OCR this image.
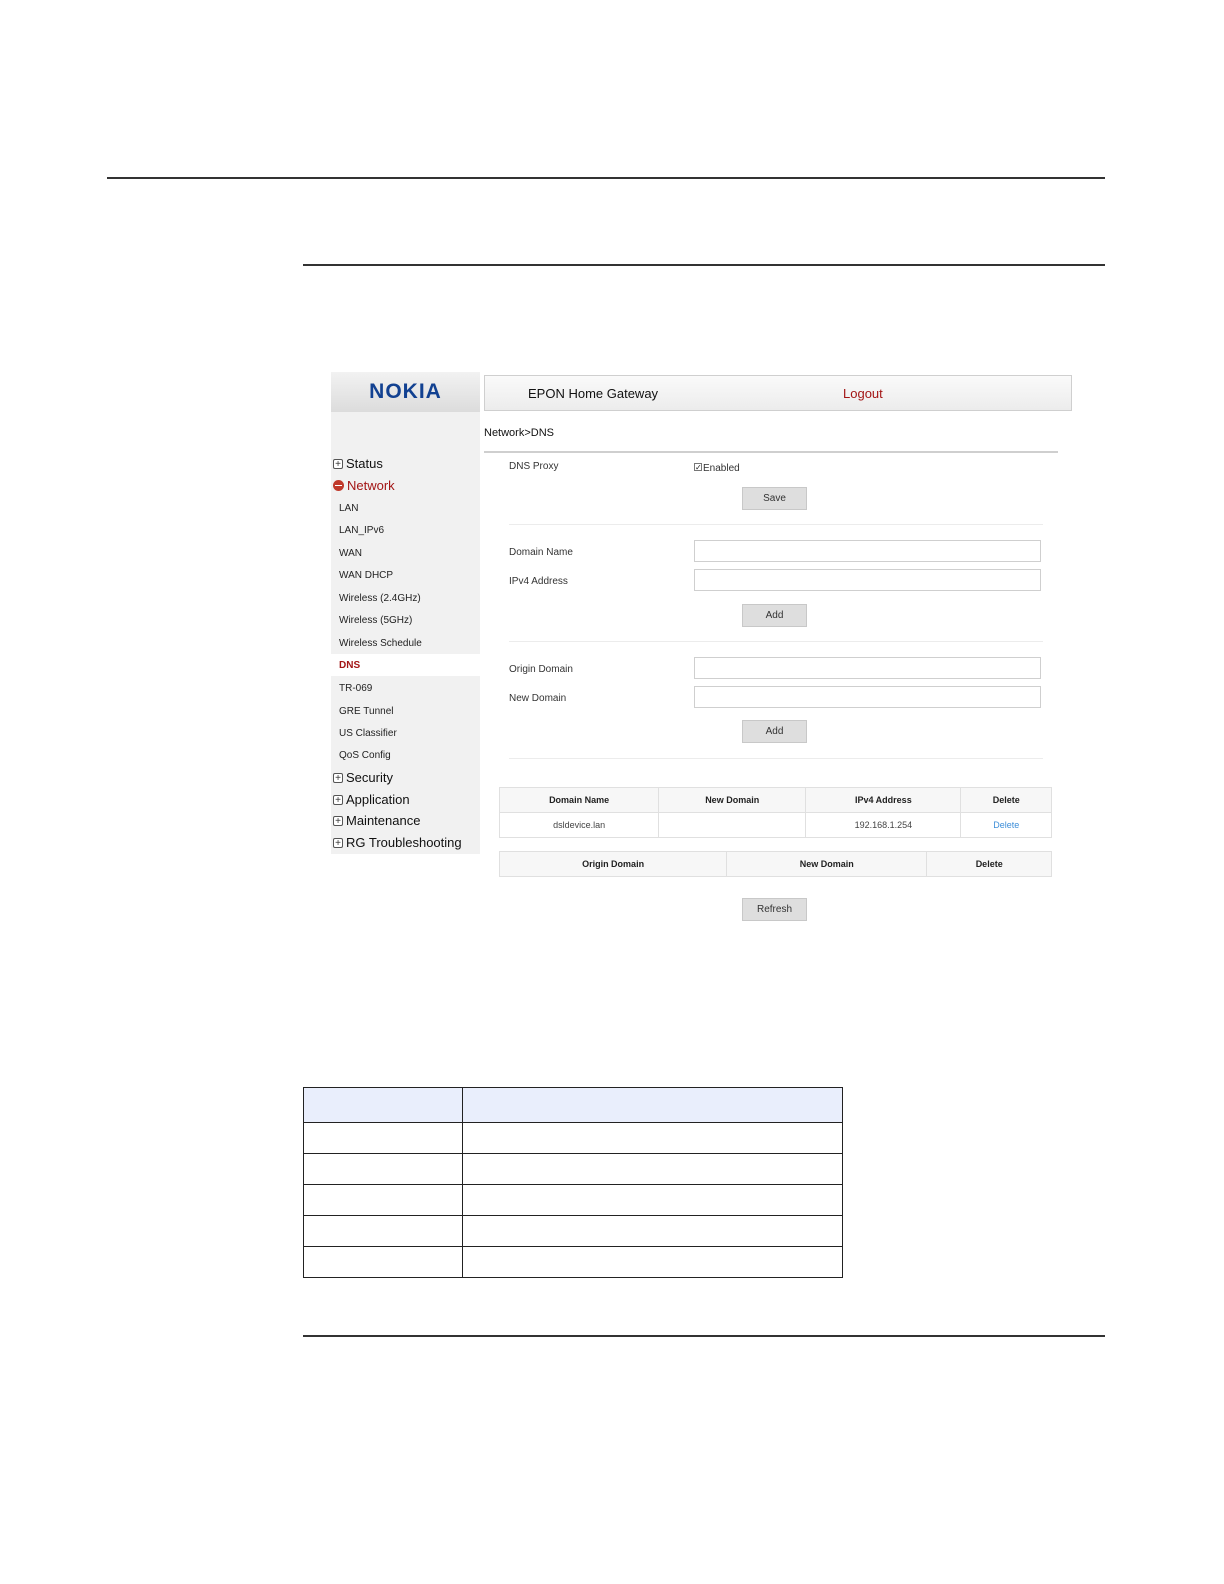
NOKIA	EPON Home Gateway	Logout
+ Status
Network
LAN
LAN_IPv6
WAN
WAN DHCP
Wireless (2.4GHz)
Wireless (5GHz)
Wireless Schedule
DNS
TR-069
GRE Tunnel
US Classifier
QoS Config
+ Security
+ Application
+ Maintenance
+ RG Troubleshooting
Network>DNS
DNS Proxy	✓ Enabled
Save
Domain Name
IPv4 Address
Add
Origin Domain
New Domain
Add
Domain Name	New Domain	IPv4 Address	Delete
dsldevice.lan		192.168.1.254	Delete
Origin Domain	New Domain	Delete
Refresh
